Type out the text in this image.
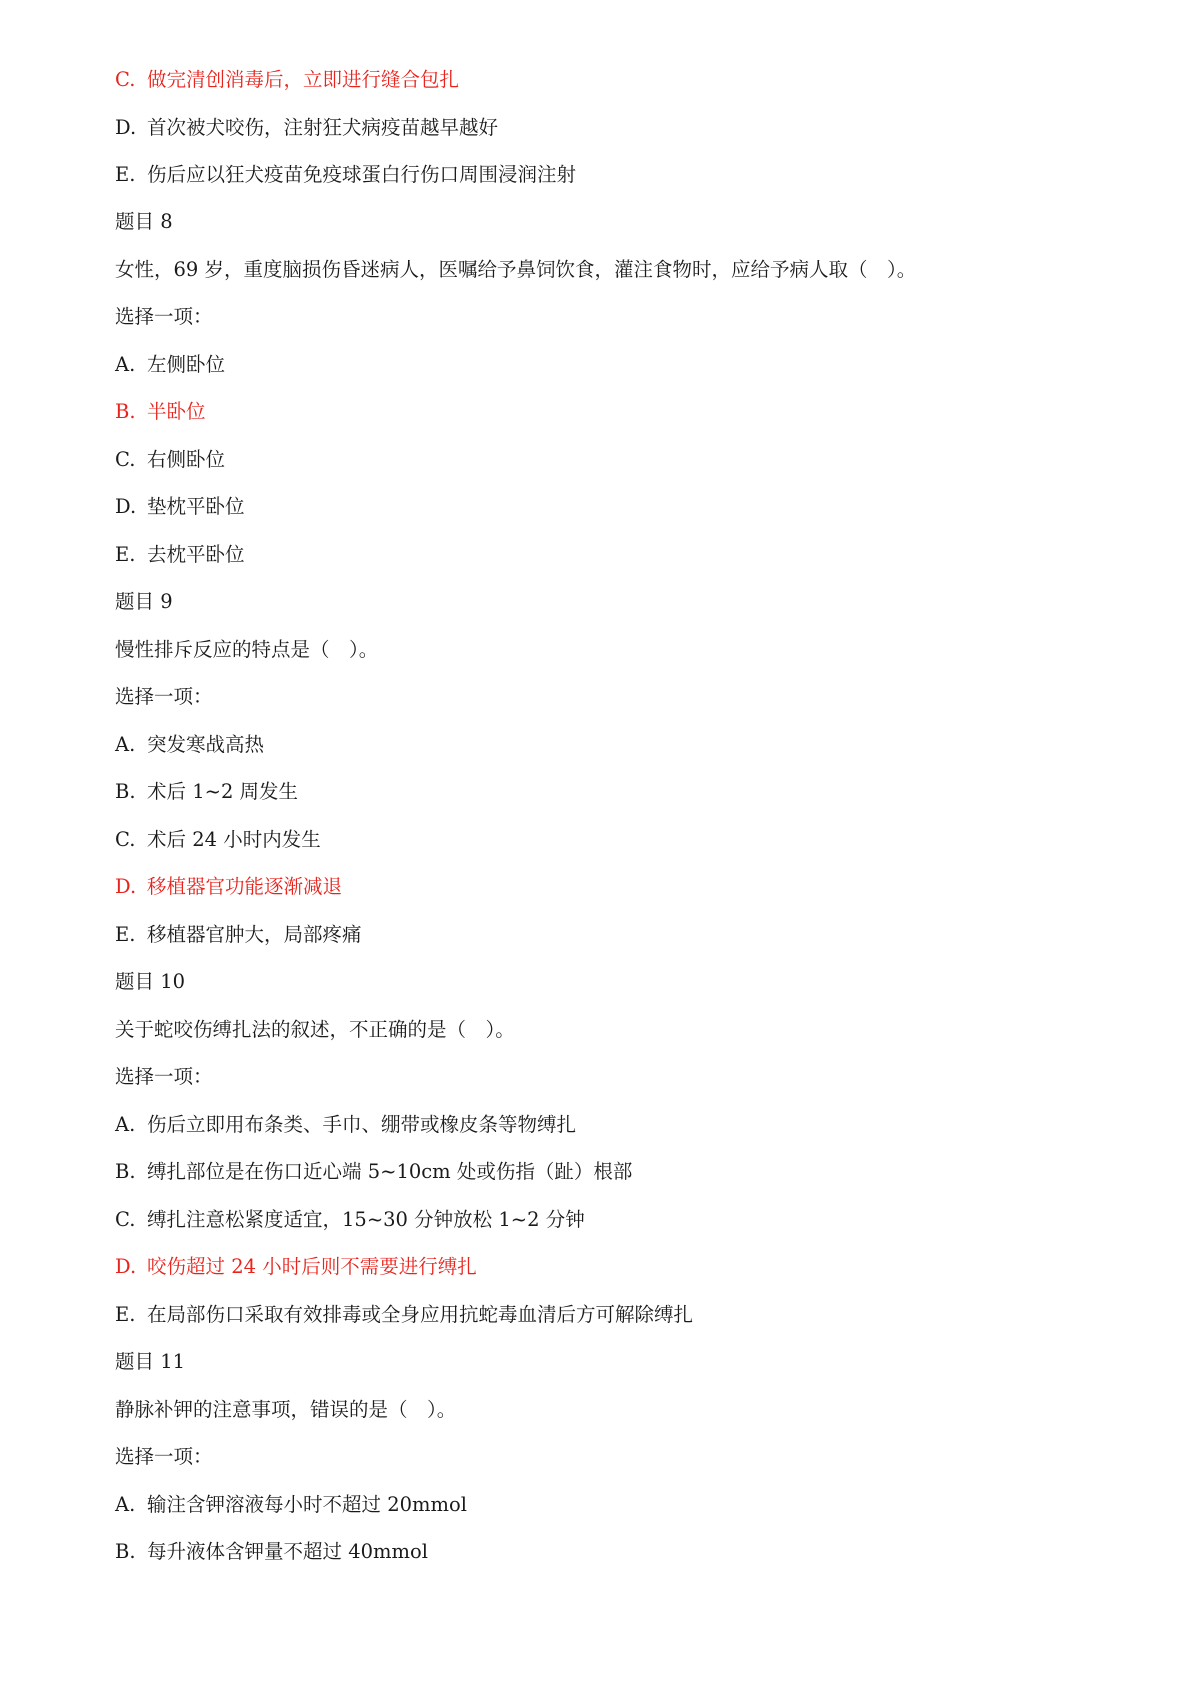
C. 做完清创消毒后，立即进行缝合包扎

D. 首次被犬咬伤，注射狂犬病疫苗越早越好

E. 伤后应以狂犬疫苗免疫球蛋白行伤口周围浸润注射

题目 8

女性，69 岁，重度脑损伤昏迷病人，医嘱给予鼻饲饮食，灌注食物时，应给予病人取（　）。

选择一项：

A. 左侧卧位

B. 半卧位

C. 右侧卧位

D. 垫枕平卧位

E. 去枕平卧位

题目 9

慢性排斥反应的特点是（　）。

选择一项：

A. 突发寒战高热

B. 术后 1~2 周发生

C. 术后 24 小时内发生

D. 移植器官功能逐渐减退

E. 移植器官肿大，局部疼痛

题目 10

关于蛇咬伤缚扎法的叙述，不正确的是（　）。

选择一项：

A. 伤后立即用布条类、手巾、绷带或橡皮条等物缚扎

B. 缚扎部位是在伤口近心端 5~10cm 处或伤指（趾）根部

C. 缚扎注意松紧度适宜，15~30 分钟放松 1~2 分钟

D. 咬伤超过 24 小时后则不需要进行缚扎

E. 在局部伤口采取有效排毒或全身应用抗蛇毒血清后方可解除缚扎

题目 11

静脉补钾的注意事项，错误的是（　）。

选择一项：

A. 输注含钾溶液每小时不超过 20mmol

B. 每升液体含钾量不超过 40mmol
